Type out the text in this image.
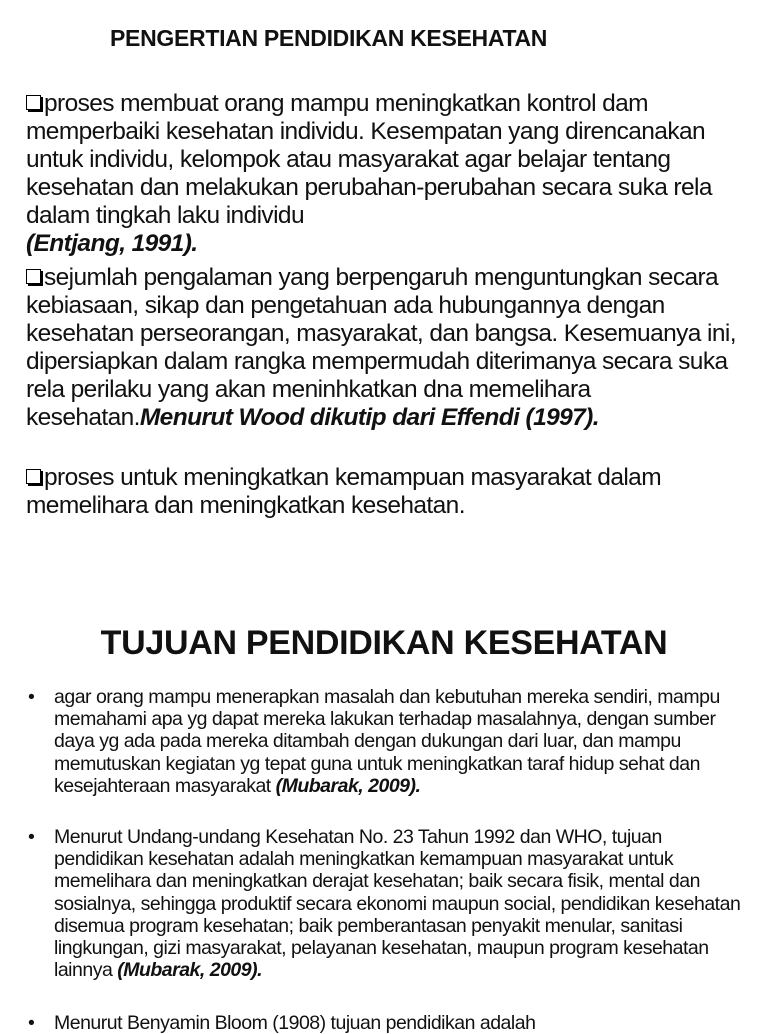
PENGERTIAN PENDIDIKAN KESEHATAN
proses membuat orang mampu meningkatkan kontrol dam memperbaiki kesehatan individu. Kesempatan yang direncanakan untuk individu, kelompok atau masyarakat agar belajar tentang kesehatan dan melakukan perubahan-perubahan secara suka rela dalam tingkah laku individu
(Entjang, 1991).
sejumlah pengalaman yang berpengaruh menguntungkan secara kebiasaan, sikap dan pengetahuan ada hubungannya dengan kesehatan perseorangan, masyarakat, dan bangsa. Kesemuanya ini, dipersiapkan dalam rangka mempermudah diterimanya secara suka rela perilaku yang akan meninhkatkan dna memelihara kesehatan.Menurut Wood dikutip dari Effendi (1997).
proses untuk meningkatkan kemampuan masyarakat dalam memelihara dan meningkatkan kesehatan.
TUJUAN PENDIDIKAN KESEHATAN
• agar orang mampu menerapkan masalah dan kebutuhan mereka sendiri, mampu memahami apa yg dapat mereka lakukan terhadap masalahnya, dengan sumber daya yg ada pada mereka ditambah dengan dukungan dari luar, dan mampu memutuskan kegiatan yg tepat guna untuk meningkatkan taraf hidup sehat dan kesejahteraan masyarakat (Mubarak, 2009).
• Menurut Undang-undang Kesehatan No. 23 Tahun 1992 dan WHO, tujuan pendidikan kesehatan adalah meningkatkan kemampuan masyarakat untuk memelihara dan meningkatkan derajat kesehatan; baik secara fisik, mental dan sosialnya, sehingga produktif secara ekonomi maupun social, pendidikan kesehatan disemua program kesehatan; baik pemberantasan penyakit menular, sanitasi lingkungan, gizi masyarakat, pelayanan kesehatan, maupun program kesehatan lainnya (Mubarak, 2009).
• Menurut Benyamin Bloom (1908) tujuan pendidikan adalah
